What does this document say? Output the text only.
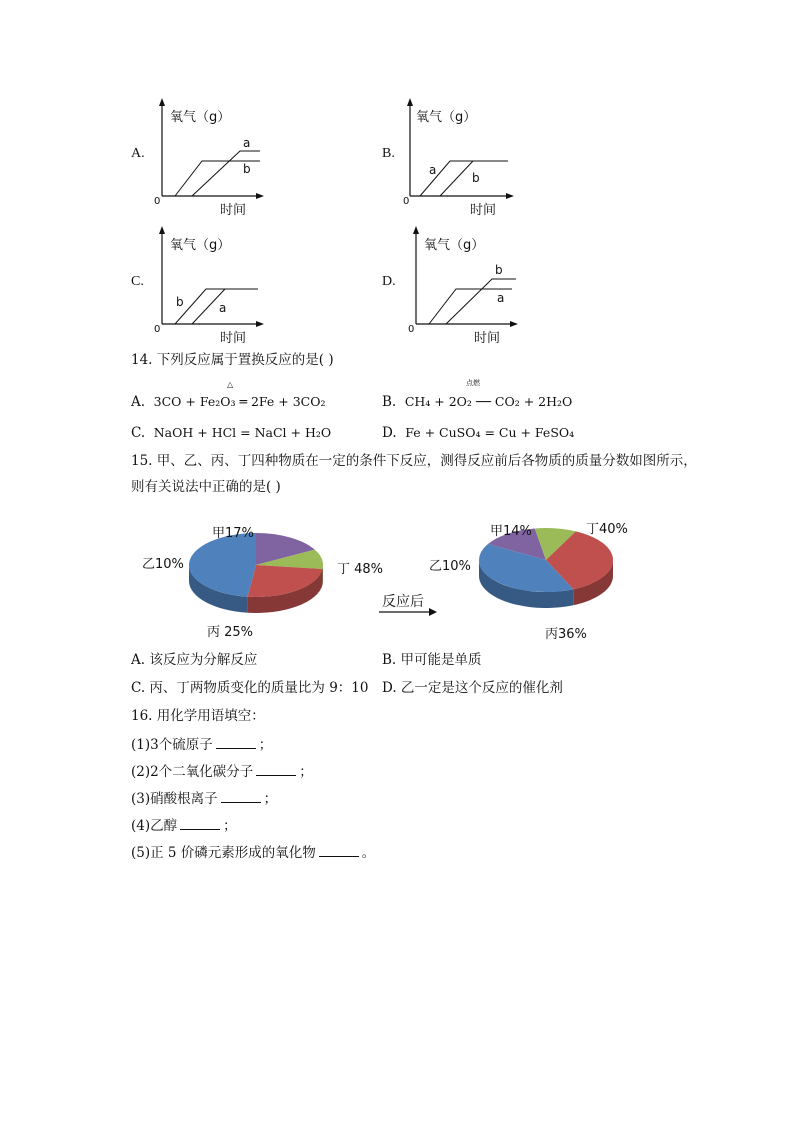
A.
氧气（g）
时间
0
a
b
B.
氧气（g）
时间
0
a
b
C.
氧气（g）
时间
0
b	a
D.
氧气（g）
时间
0
b
a
14. 下列反应属于置换反应的是( )
A. 3CO + Fe₂O₃ ═ 2Fe + 3CO₂
△
B. CH₄ + 2O₂ ── CO₂ + 2H₂O
点燃
C. NaOH + HCl = NaCl + H₂O	D. Fe + CuSO₄ = Cu + FeSO₄
15. 甲、乙、丙、丁四种物质在一定的条件下反应，测得反应前后各物质的质量分数如图所示，
则有关说法中正确的是( )
甲17%
乙10%
丙 25%
丁 48%
反应后
甲14%
乙10%
丙36%
丁40%
A. 该反应为分解反应	B. 甲可能是单质
C. 丙、丁两物质变化的质量比为 9：10 D. 乙一定是这个反应的催化剂
16. 用化学用语填空：
(1)3个硫原子	；
(2)2个二氧化碳分子	；
(3)硝酸根离子	；
(4)乙醇	；
(5)正 5 价磷元素形成的氧化物	。
